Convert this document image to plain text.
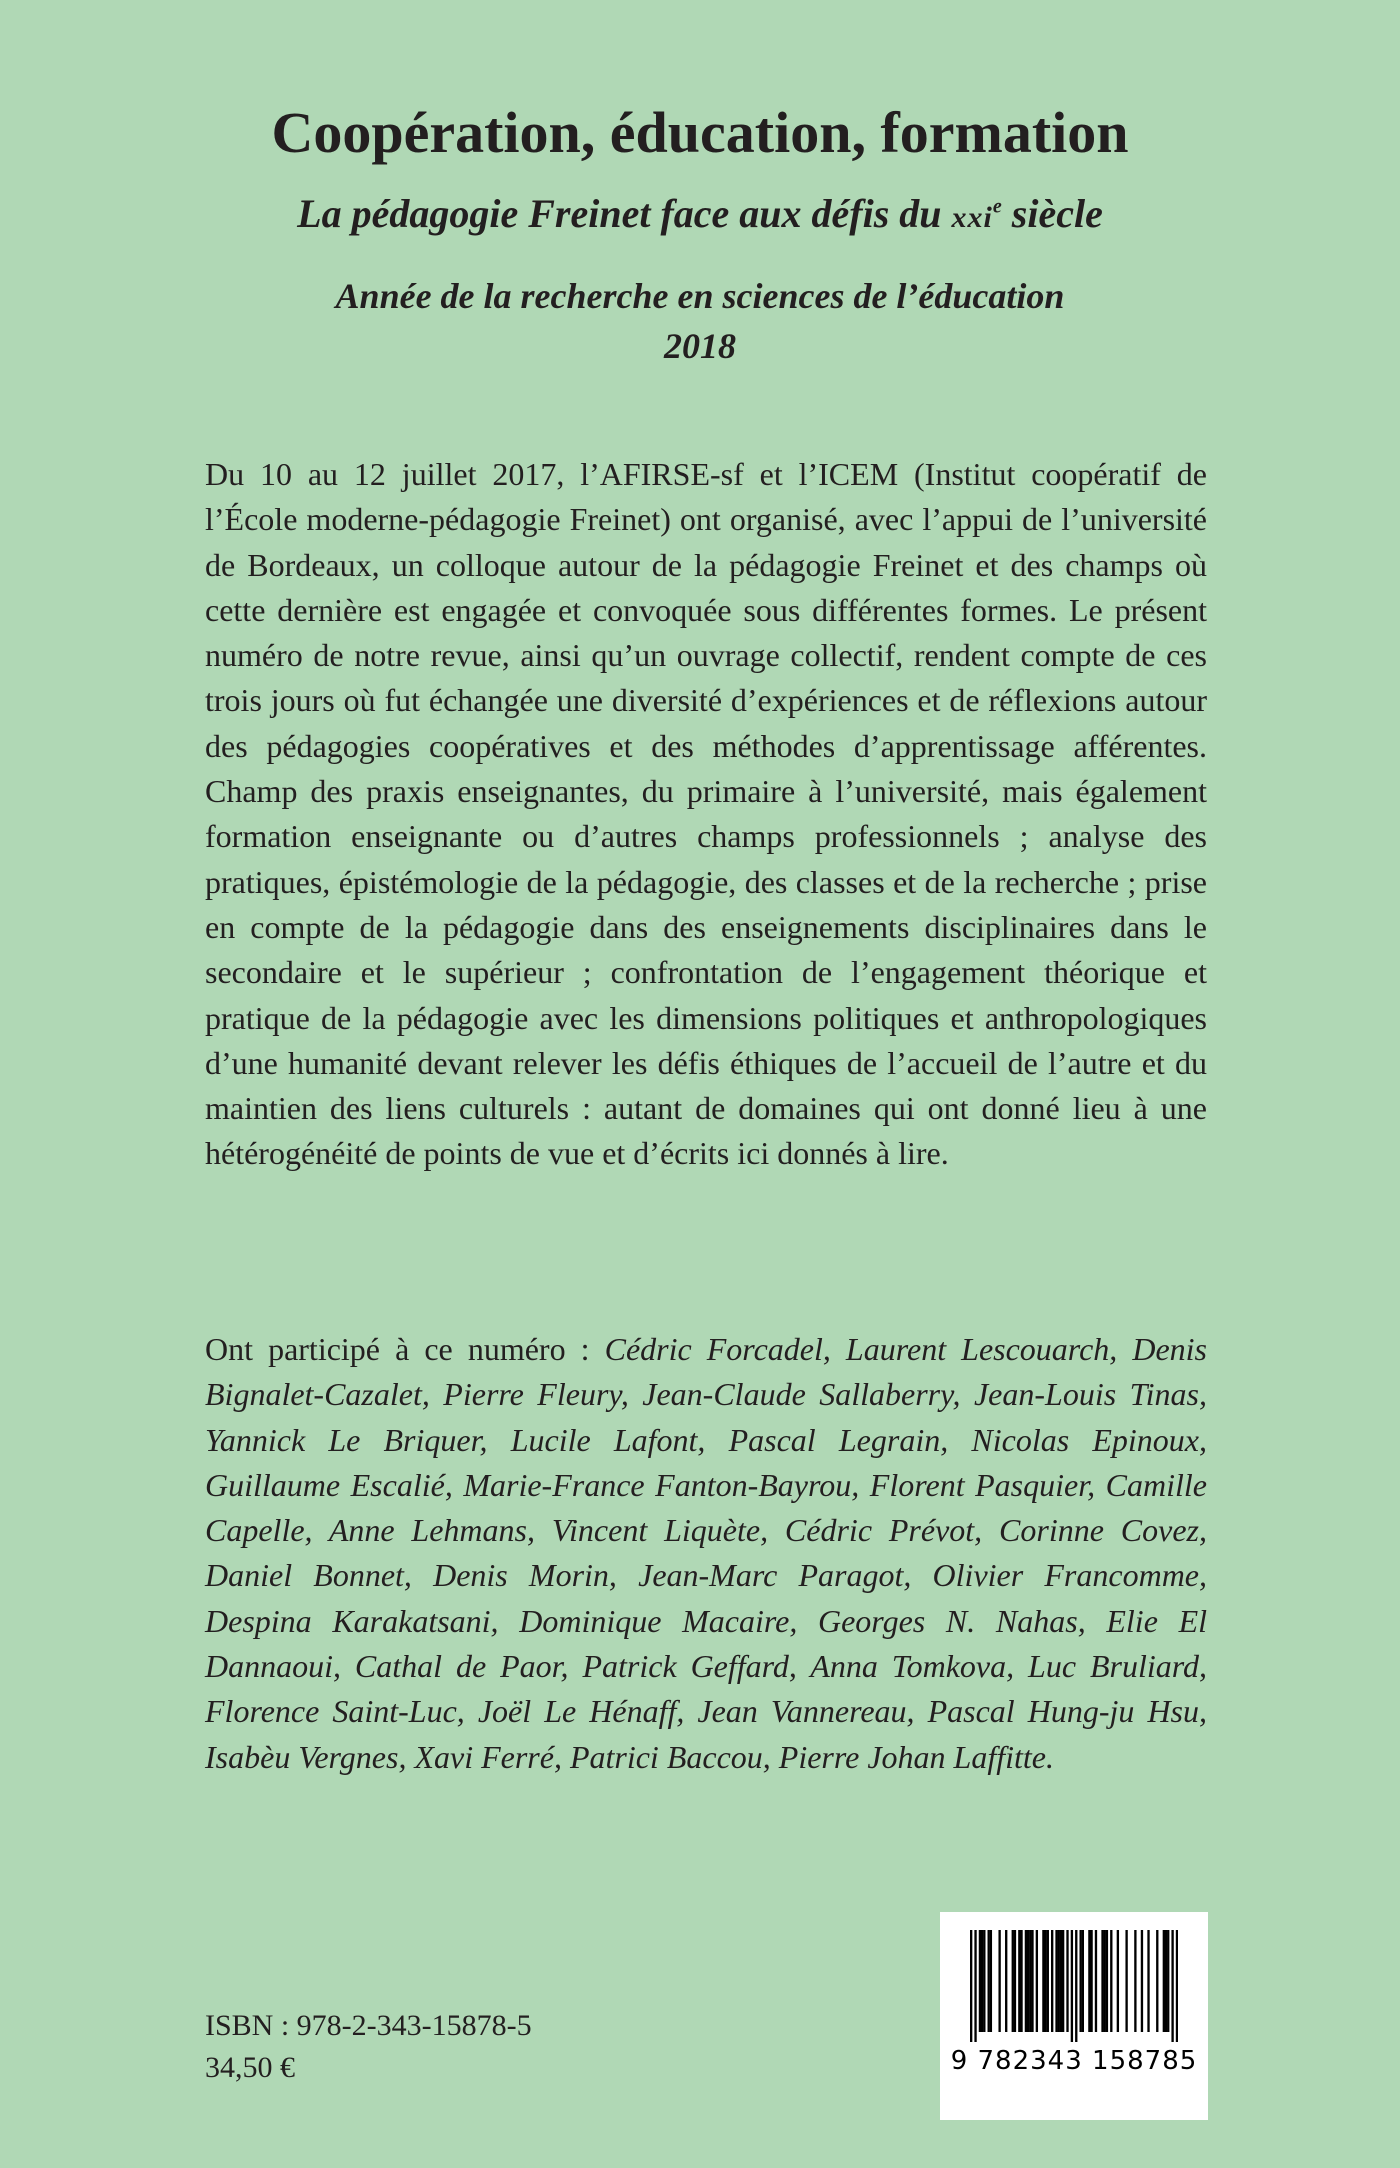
Coopération, éducation, formation
La pédagogie Freinet face aux défis du xxi$^e$ siècle
Année de la recherche en sciences de l’éducation
2018

Du 10 au 12 juillet 2017, l’AFIRSE-sf et l’ICEM (Institut coopératif de l’École moderne-pédagogie Freinet) ont organisé, avec l’appui de l’université de Bordeaux, un colloque autour de la pédagogie Freinet et des champs où cette dernière est engagée et convoquée sous différentes formes. Le présent numéro de notre revue, ainsi qu’un ouvrage collectif, rendent compte de ces trois jours où fut échangée une diversité d’expériences et de réflexions autour des pédagogies coopératives et des méthodes d’apprentissage afférentes. Champ des praxis enseignantes, du primaire à l’université, mais également formation enseignante ou d’autres champs professionnels ; analyse des pratiques, épistémologie de la pédagogie, des classes et de la recherche ; prise en compte de la pédagogie dans des enseignements disciplinaires dans le secondaire et le supérieur ; confrontation de l’engagement théorique et pratique de la pédagogie avec les dimensions politiques et anthropologiques d’une humanité devant relever les défis éthiques de l’accueil de l’autre et du maintien des liens culturels : autant de domaines qui ont donné lieu à une hétérogénéité de points de vue et d’écrits ici donnés à lire.

Ont participé à ce numéro : Cédric Forcadel, Laurent Lescouarch, Denis Bignalet-Cazalet, Pierre Fleury, Jean-Claude Sallaberry, Jean-Louis Tinas, Yannick Le Briquer, Lucile Lafont, Pascal Legrain, Nicolas Epinoux, Guillaume Escalié, Marie-France Fanton-Bayrou, Florent Pasquier, Camille Capelle, Anne Lehmans, Vincent Liquète, Cédric Prévot, Corinne Covez, Daniel Bonnet, Denis Morin, Jean-Marc Paragot, Olivier Francomme, Despina Karakatsani, Dominique Macaire, Georges N. Nahas, Elie El Dannaoui, Cathal de Paor, Patrick Geffard, Anna Tomkova, Luc Bruliard, Florence Saint-Luc, Joël Le Hénaff, Jean Vannereau, Pascal Hung-ju Hsu, Isabèu Vergnes, Xavi Ferré, Patrici Baccou, Pierre Johan Laffitte.

ISBN : 978-2-343-15878-5
34,50 €	9 782343 158785
